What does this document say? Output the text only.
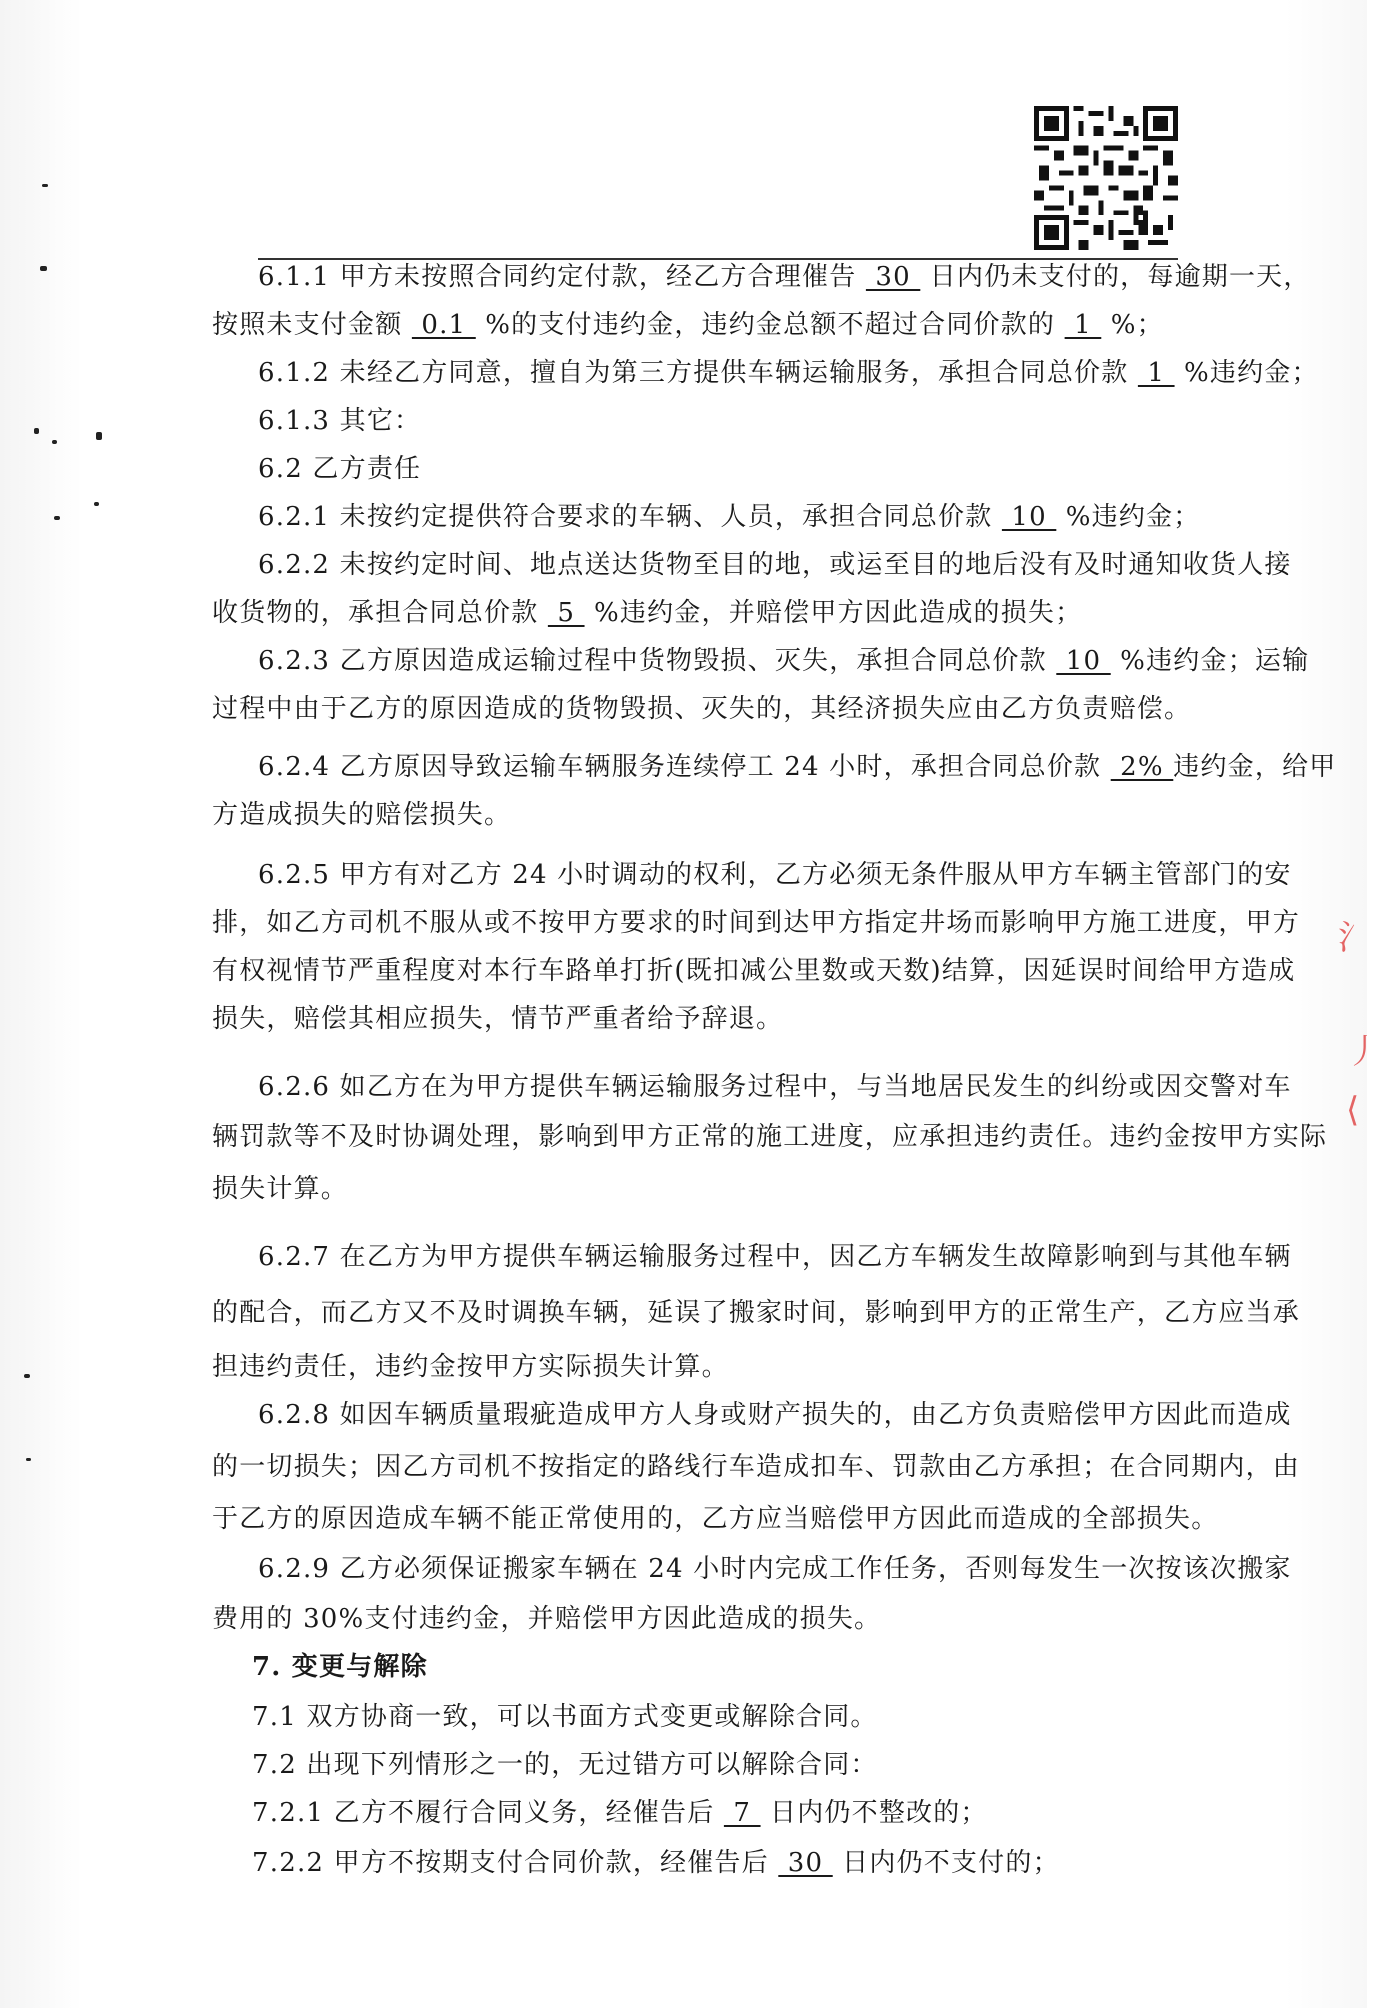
6.1.1 甲方未按照合同约定付款，经乙方合理催告  30  日内仍未支付的，每逾期一天，
按照未支付金额  0.1  %的支付违约金，违约金总额不超过合同价款的  1  %；
6.1.2 未经乙方同意，擅自为第三方提供车辆运输服务，承担合同总价款  1  %违约金；
6.1.3 其它：
6.2 乙方责任
6.2.1 未按约定提供符合要求的车辆、人员，承担合同总价款  10  %违约金；
6.2.2 未按约定时间、地点送达货物至目的地，或运至目的地后没有及时通知收货人接
收货物的，承担合同总价款  5  %违约金，并赔偿甲方因此造成的损失；
6.2.3 乙方原因造成运输过程中货物毁损、灭失，承担合同总价款  10  %违约金；运输
过程中由于乙方的原因造成的货物毁损、灭失的，其经济损失应由乙方负责赔偿。
6.2.4 乙方原因导致运输车辆服务连续停工 24 小时，承担合同总价款  2% 违约金，给甲
方造成损失的赔偿损失。
6.2.5 甲方有对乙方 24 小时调动的权利，乙方必须无条件服从甲方车辆主管部门的安
排，如乙方司机不服从或不按甲方要求的时间到达甲方指定井场而影响甲方施工进度，甲方
有权视情节严重程度对本行车路单打折(既扣减公里数或天数)结算，因延误时间给甲方造成
损失，赔偿其相应损失，情节严重者给予辞退。
6.2.6 如乙方在为甲方提供车辆运输服务过程中，与当地居民发生的纠纷或因交警对车
辆罚款等不及时协调处理，影响到甲方正常的施工进度，应承担违约责任。违约金按甲方实际
损失计算。
6.2.7 在乙方为甲方提供车辆运输服务过程中，因乙方车辆发生故障影响到与其他车辆
的配合，而乙方又不及时调换车辆，延误了搬家时间，影响到甲方的正常生产，乙方应当承
担违约责任，违约金按甲方实际损失计算。
6.2.8 如因车辆质量瑕疵造成甲方人身或财产损失的，由乙方负责赔偿甲方因此而造成
的一切损失；因乙方司机不按指定的路线行车造成扣车、罚款由乙方承担；在合同期内，由
于乙方的原因造成车辆不能正常使用的，乙方应当赔偿甲方因此而造成的全部损失。
6.2.9 乙方必须保证搬家车辆在 24 小时内完成工作任务，否则每发生一次按该次搬家
费用的 30%支付违约金，并赔偿甲方因此造成的损失。
7. 变更与解除
7.1 双方协商一致，可以书面方式变更或解除合同。
7.2 出现下列情形之一的，无过错方可以解除合同：
7.2.1 乙方不履行合同义务，经催告后  7  日内仍不整改的；
7.2.2 甲方不按期支付合同价款，经催告后  30  日内仍不支付的；
氵
丿
⟨
